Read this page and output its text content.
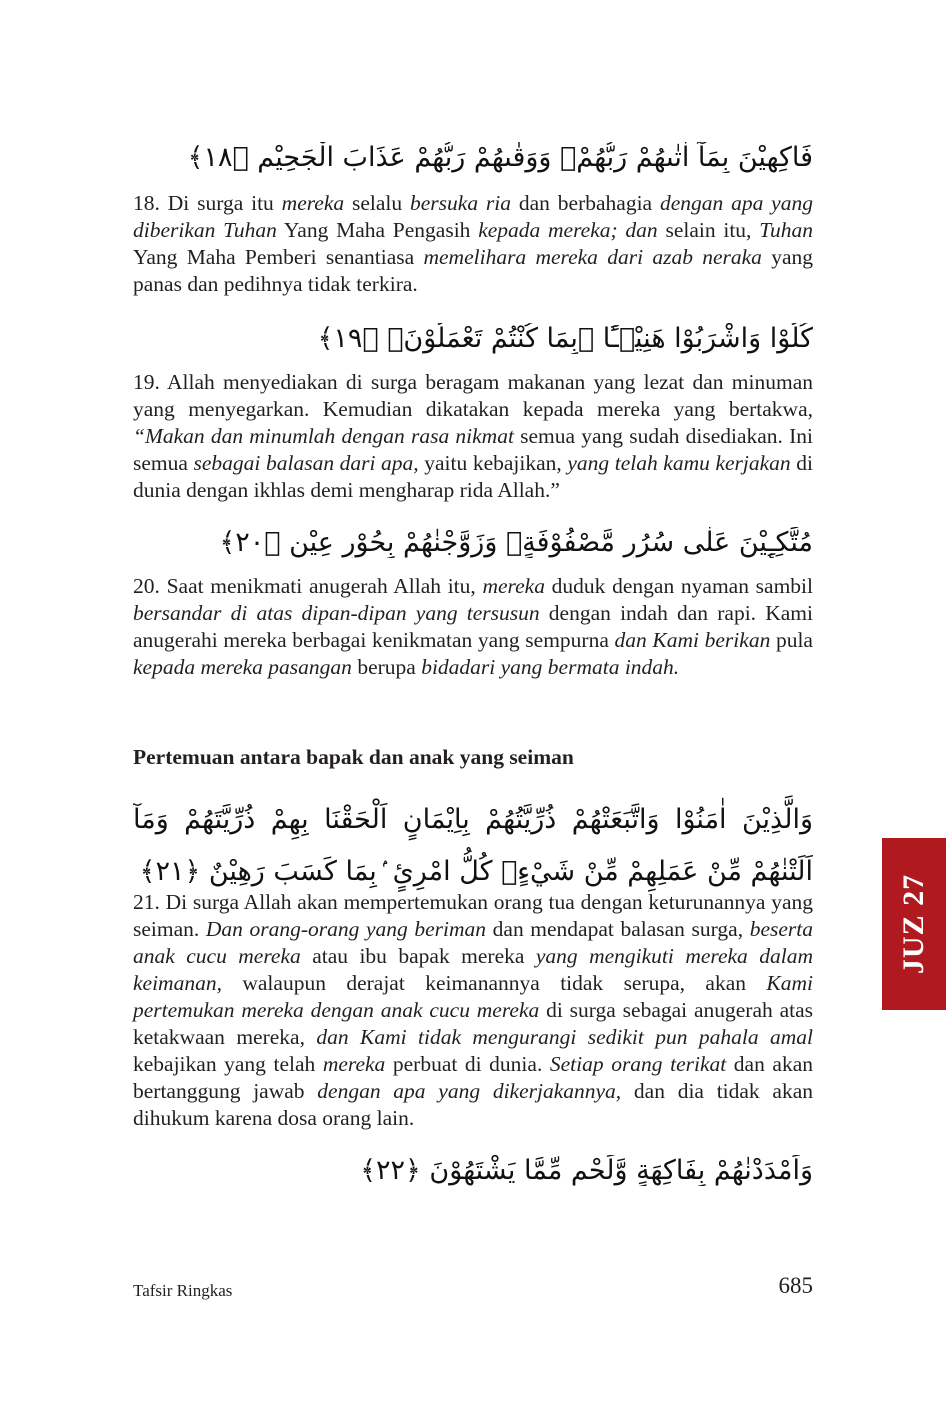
فَاكِهِيْنَ بِمَآ اٰتٰىهُمْ رَبُّهُمْۚ وَوَقٰىهُمْ رَبُّهُمْ عَذَابَ الْجَحِيْمِ ﴿١٨﴾

18. Di surga itu mereka selalu bersuka ria dan berbahagia dengan apa yang diberikan Tuhan Yang Maha Pengasih kepada mereka; dan selain itu, Tuhan Yang Maha Pemberi senantiasa memelihara mereka dari azab neraka yang panas dan pedihnya tidak terkira.

كُلُوْا وَاشْرَبُوْا هَنِيْۤـًٔا ۢبِمَا كُنْتُمْ تَعْمَلُوْنَۙ ﴿١٩﴾

19. Allah menyediakan di surga beragam makanan yang lezat dan minuman yang menyegarkan. Kemudian dikatakan kepada mereka yang bertakwa, “Makan dan minumlah dengan rasa nikmat semua yang sudah disediakan. Ini semua sebagai balasan dari apa, yaitu kebajikan, yang telah kamu kerjakan di dunia dengan ikhlas demi mengharap rida Allah.”

مُتَّكِـِٕيْنَ عَلٰى سُرُرٍ مَّصْفُوْفَةٍۚ وَزَوَّجْنٰهُمْ بِحُوْرٍ عِيْنٍ ﴿٢٠﴾

20. Saat menikmati anugerah Allah itu, mereka duduk dengan nyaman sambil bersandar di atas dipan-dipan yang tersusun dengan indah dan rapi. Kami anugerahi mereka berbagai kenikmatan yang sempurna dan Kami berikan pula kepada mereka pasangan berupa bidadari yang bermata indah.

Pertemuan antara bapak dan anak yang seiman
وَالَّذِيْنَ اٰمَنُوْا وَاتَّبَعَتْهُمْ ذُرِّيَّتُهُمْ بِاِيْمَانٍ اَلْحَقْنَا بِهِمْ ذُرِّيَّتَهُمْ وَمَآ اَلَتْنٰهُمْ مِّنْ عَمَلِهِمْ مِّنْ شَيْءٍۗ كُلُّ امْرِئٍ ۢبِمَا كَسَبَ رَهِيْنٌ ﴿٢١﴾

21. Di surga Allah akan mempertemukan orang tua dengan keturunannya yang seiman. Dan orang-orang yang beriman dan mendapat balasan surga, beserta anak cucu mereka atau ibu bapak mereka yang mengikuti mereka dalam keimanan, walaupun derajat keimanannya tidak serupa, akan Kami pertemukan mereka dengan anak cucu mereka di surga sebagai anugerah atas ketakwaan mereka, dan Kami tidak mengurangi sedikit pun pahala amal kebajikan yang telah mereka perbuat di dunia. Setiap orang terikat dan akan bertanggung jawab dengan apa yang dikerjakannya, dan dia tidak akan dihukum karena dosa orang lain.

وَاَمْدَدْنٰهُمْ بِفَاكِهَةٍ وَّلَحْمٍ مِّمَّا يَشْتَهُوْنَ ﴿٢٢﴾
JUZ 27
Tafsir Ringkas	685
